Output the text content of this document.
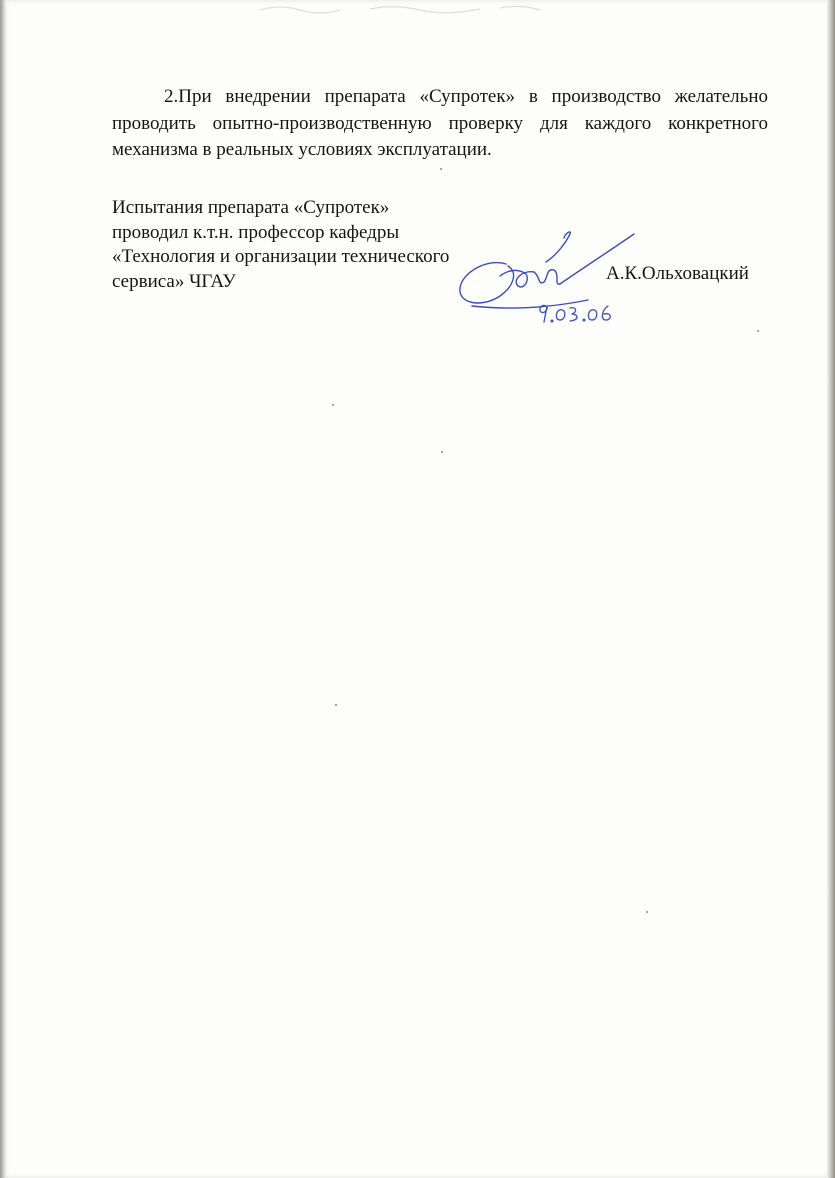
2.При внедрении препарата «Супротек» в производство желательно проводить опытно-производственную проверку для каждого конкретного механизма в реальных условиях эксплуатации.

Испытания препарата «Супротек»
проводил к.т.н. профессор кафедры
«Технология и организации технического
сервиса» ЧГАУ	А.К.Ольховацкий
